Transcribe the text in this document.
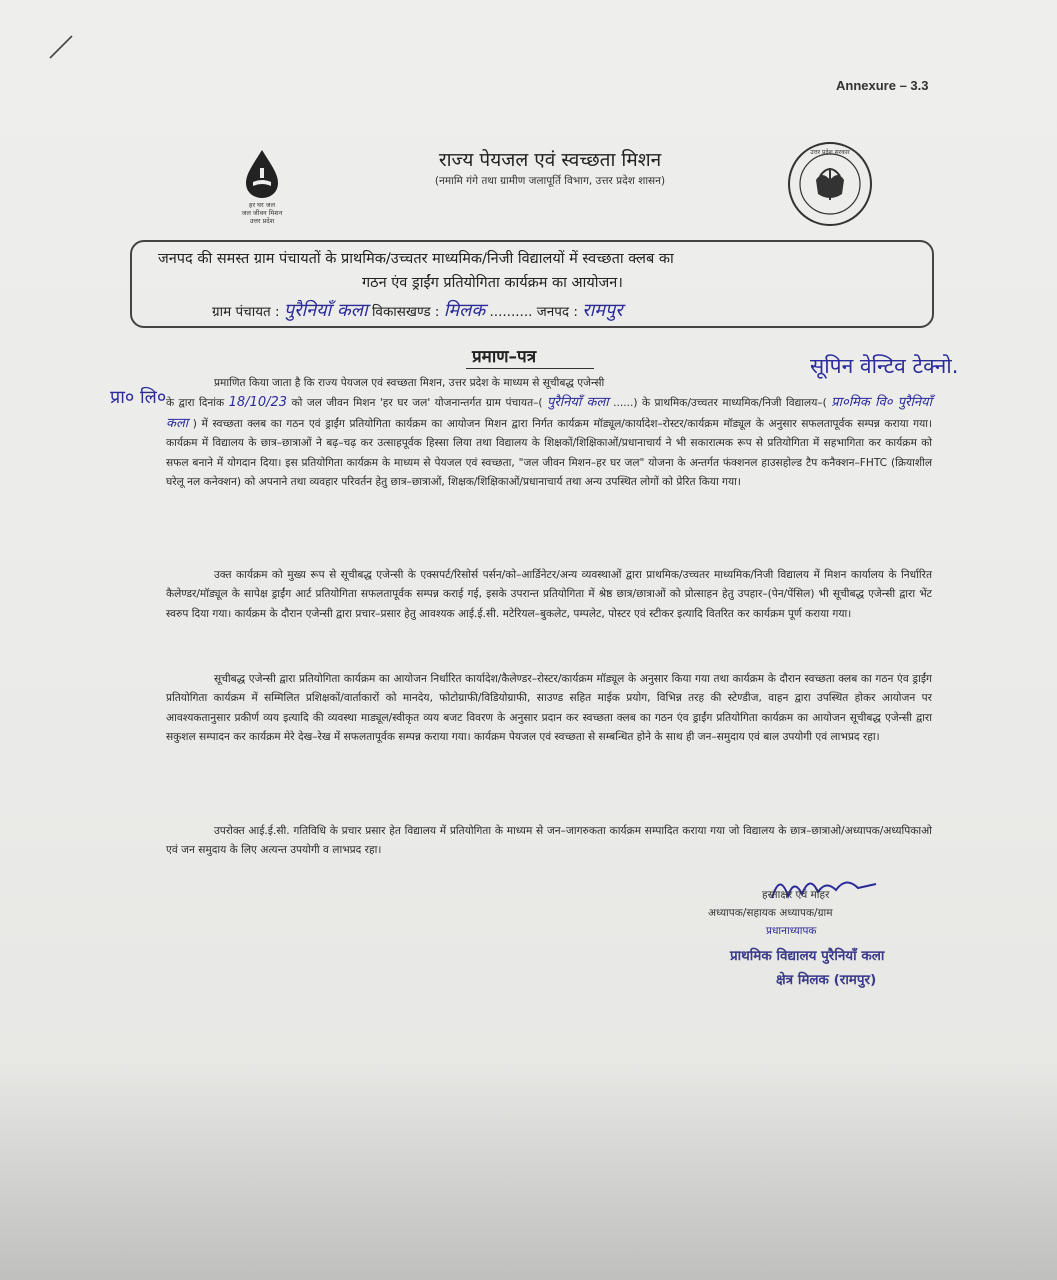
Annexure – 3.3
हर घर जल
जल जीवन मिशन
उत्तर प्रदेश
राज्य पेयजल एवं स्वच्छता मिशन
(नमामि गंगे तथा ग्रामीण जलापूर्ति विभाग, उत्तर प्रदेश शासन)
उत्तर प्रदेश सरकार
जनपद की समस्त ग्राम पंचायतों के प्राथमिक/उच्चतर माध्यमिक/निजी विद्यालयों में स्वच्छता क्लब का
गठन एंव ड्राईंग प्रतियोगिता कार्यक्रम का आयोजन।
ग्राम पंचायत : पुरैनियाँ कला विकासखण्ड : मिलक .......... जनपद : रामपुर
प्रमाण–पत्र	सूपिन वेन्टिव टेक्नो.
प्रा० लि०
प्रमाणित किया जाता है कि राज्य पेयजल एवं स्वच्छता मिशन, उत्तर प्रदेश के माध्यम से सूचीबद्ध एजेन्सी
के द्वारा दिनांक 18/10/23 को जल जीवन मिशन 'हर घर जल' योजनान्तर्गत ग्राम पंचायत–( पुरैनियाँ कला ......) के प्राथमिक/उच्चतर माध्यमिक/निजी विद्यालय–( प्रा०मिक वि० पुरैनियाँ कला ) में स्वच्छता क्लब का गठन एवं ड्राईंग प्रतियोगिता कार्यक्रम का आयोजन मिशन द्वारा निर्गत कार्यक्रम मॉड्यूल/कार्यादेश–रोस्टर/कार्यक्रम मॉड्यूल के अनुसार सफलतापूर्वक सम्पन्न कराया गया। कार्यक्रम में विद्यालय के छात्र–छात्राओं ने बढ़–चढ़ कर उत्साहपूर्वक हिस्सा लिया तथा विद्यालय के शिक्षकों/शिक्षिकाओं/प्रधानाचार्य ने भी सकारात्मक रूप से प्रतियोगिता में सहभागिता कर कार्यक्रम को सफल बनाने में योगदान दिया। इस प्रतियोगिता कार्यक्रम के माध्यम से पेयजल एवं स्वच्छता, "जल जीवन मिशन–हर घर जल" योजना के अन्तर्गत फंक्शनल हाउसहोल्ड टैप कनैक्शन–FHTC (क्रियाशील घरेलू नल कनेक्शन) को अपनाने तथा व्यवहार परिवर्तन हेतु छात्र–छात्राओं, शिक्षक/शिक्षिकाओं/प्रधानाचार्य तथा अन्य उपस्थित लोगों को प्रेरित किया गया।
उक्त कार्यक्रम को मुख्य रूप से सूचीबद्ध एजेन्सी के एक्सपर्ट/रिसोर्स पर्सन/को–आर्डिनेटर/अन्य व्यवस्थाओं द्वारा प्राथमिक/उच्चतर माध्यमिक/निजी विद्यालय में मिशन कार्यालय के निर्धारित कैलेण्डर/मॉड्यूल के सापेक्ष ड्राईंग आर्ट प्रतियोगिता सफलतापूर्वक सम्पन्न कराई गई, इसके उपरान्त प्रतियोगिता में श्रेष्ठ छात्र/छात्राओं को प्रोत्साहन हेतु उपहार–(पेन/पेंसिल) भी सूचीबद्ध एजेन्सी द्वारा भेंट स्वरुप दिया गया। कार्यक्रम के दौरान एजेन्सी द्वारा प्रचार–प्रसार हेतु आवश्यक आई.ई.सी. मटेरियल–बुकलेट, पम्पलेट, पोस्टर एवं स्टीकर इत्यादि वितरित कर कार्यक्रम पूर्ण कराया गया।
सूचीबद्ध एजेन्सी द्वारा प्रतियोगिता कार्यक्रम का आयोजन निर्धारित कार्यादेश/कैलेण्डर–रोस्टर/कार्यक्रम मॉड्यूल के अनुसार किया गया तथा कार्यक्रम के दौरान स्वच्छता क्लब का गठन एंव ड्राईंग प्रतियोगिता कार्यक्रम में सम्मिलित प्रशिक्षकों/वार्ताकारों को मानदेय, फोटोग्राफी/विडियोग्राफी, साउण्ड सहित माईक प्रयोग, विभिन्न तरह की स्टेण्डीज, वाहन द्वारा उपस्थित होकर आयोजन पर आवश्यकतानुसार प्रकीर्ण व्यय इत्यादि की व्यवस्था माड्यूल/स्वीकृत व्यय बजट विवरण के अनुसार प्रदान कर स्वच्छता क्लब का गठन एंव ड्राईंग प्रतियोगिता कार्यक्रम का आयोजन सूचीबद्ध एजेन्सी द्वारा सकुशल सम्पादन कर कार्यक्रम मेरे देख–रेख में सफलतापूर्वक सम्पन्न कराया गया। कार्यक्रम पेयजल एवं स्वच्छता से सम्बन्धित होने के साथ ही जन–समुदाय एवं बाल उपयोगी एवं लाभप्रद रहा।
उपरोक्त आई.ई.सी. गतिविधि के प्रचार प्रसार हेत विद्यालय में प्रतियोगिता के माध्यम से जन–जागरुकता कार्यक्रम सम्पादित कराया गया जो विद्यालय के छात्र–छात्राओ/अध्यापक/अध्यपिकाओ एवं जन समुदाय के लिए अत्यन्त उपयोगी व लाभप्रद रहा।
हस्ताक्षर एवं मोहर
अध्यापक/सहायक अध्यापक/ग्राम
प्रधानाध्यापक
प्राथमिक विद्यालय पुरैनियाँ कला
क्षेत्र मिलक (रामपुर)
